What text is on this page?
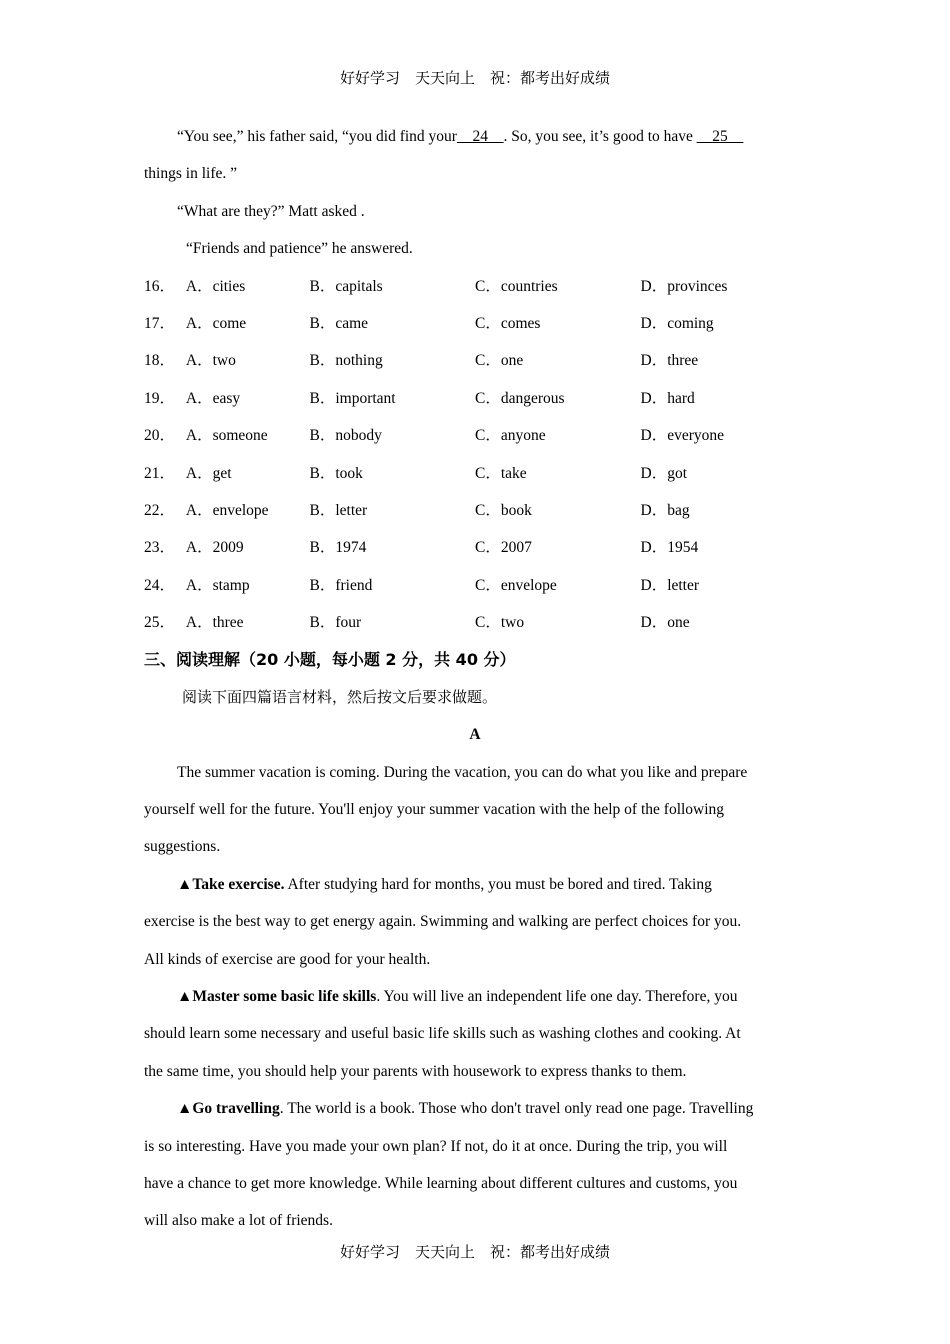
好好学习　天天向上　祝：都考出好成绩
“You see,” his father said, “you did find your__24__. So, you see, it’s good to have __25__
things in life. ”
“What are they?” Matt asked .
“Friends and patience” he answered.
16． A．cities	B．capitals	C．countries	D．provinces
17． A．come	B．came	C．comes	D．coming
18． A．two	B．nothing	C．one	D．three
19． A．easy	B．important	C．dangerous	D．hard
20． A．someone	B．nobody	C．anyone	D．everyone
21． A．get	B．took	C．take	D．got
22． A．envelope	B．letter	C．book	D．bag
23． A．2009	B．1974	C．2007	D．1954
24． A．stamp	B．friend	C．envelope	D．letter
25． A．three	B．four	C．two	D．one
三、阅读理解（20 小题，每小题 2 分，共 40 分）
阅读下面四篇语言材料，然后按文后要求做题。
A
The summer vacation is coming. During the vacation, you can do what you like and prepare
yourself well for the future. You'll enjoy your summer vacation with the help of the following
suggestions.
▲Take exercise. After studying hard for months, you must be bored and tired. Taking
exercise is the best way to get energy again. Swimming and walking are perfect choices for you.
All kinds of exercise are good for your health.
▲Master some basic life skills. You will live an independent life one day. Therefore, you
should learn some necessary and useful basic life skills such as washing clothes and cooking. At
the same time, you should help your parents with housework to express thanks to them.
▲Go travelling. The world is a book. Those who don't travel only read one page. Travelling
is so interesting. Have you made your own plan? If not, do it at once. During the trip, you will
have a chance to get more knowledge. While learning about different cultures and customs, you
will also make a lot of friends.
好好学习　天天向上　祝：都考出好成绩
